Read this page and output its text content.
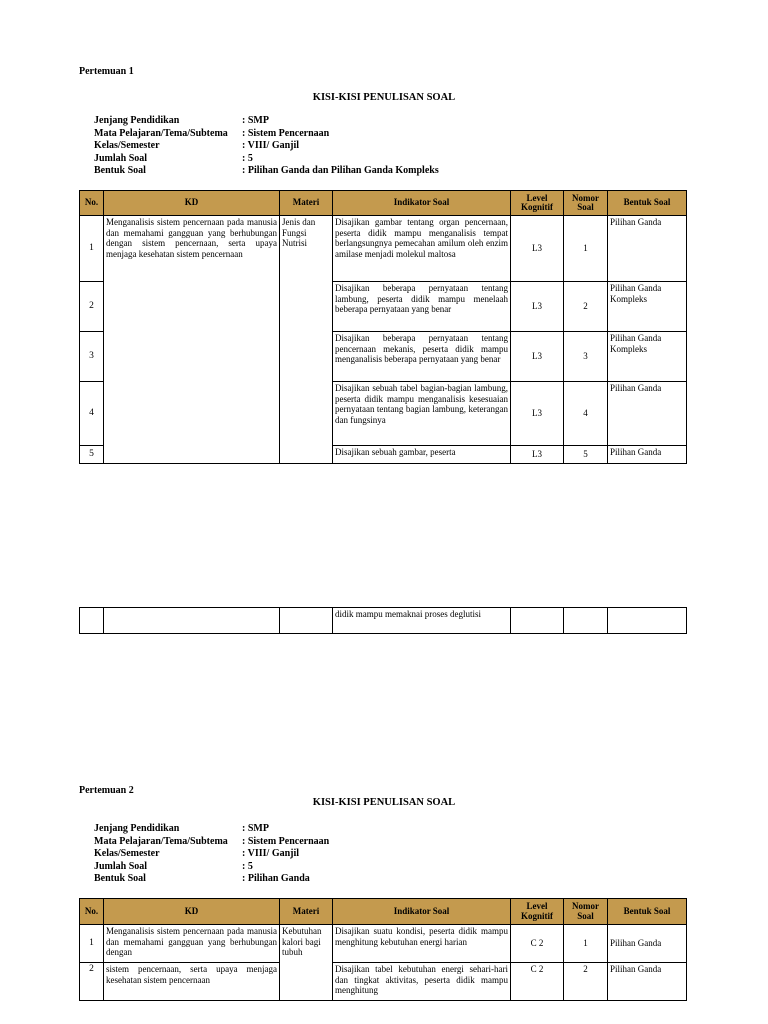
Pertemuan 1
KISI-KISI PENULISAN SOAL
Jenjang Pendidikan	: SMP
Mata Pelajaran/Tema/Subtema	: Sistem Pencernaan
Kelas/Semester	: VIII/ Ganjil
Jumlah Soal	: 5
Bentuk Soal	: Pilihan Ganda dan Pilihan Ganda Kompleks
No.	KD	Materi	Indikator Soal	Level Kognitif	Nomor Soal	Bentuk Soal
1	Menganalisis sistem pencernaan pada manusia dan memahami gangguan yang berhubungan dengan sistem pencernaan, serta upaya menjaga kesehatan sistem pencernaan	Jenis dan Fungsi Nutrisi	Disajikan gambar tentang organ pencernaan, peserta didik mampu menganalisis tempat berlangsungnya pemecahan amilum oleh enzim amilase menjadi molekul maltosa	L3	1	Pilihan Ganda
2			Disajikan beberapa pernyataan tentang lambung, peserta didik mampu menelaah beberapa pernyataan yang benar	L3	2	Pilihan Ganda Kompleks
3			Disajikan beberapa pernyataan tentang pencernaan mekanis, peserta didik mampu menganalisis beberapa pernyataan yang benar	L3	3	Pilihan Ganda Kompleks
4			Disajikan sebuah tabel bagian-bagian lambung, peserta didik mampu menganalisis kesesuaian pernyataan tentang bagian lambung, keterangan dan fungsinya	L3	4	Pilihan Ganda
5			Disajikan sebuah gambar, peserta	L3	5	Pilihan Ganda
			didik mampu memaknai proses deglutisi			
Pertemuan 2
KISI-KISI PENULISAN SOAL
Jenjang Pendidikan	: SMP
Mata Pelajaran/Tema/Subtema	: Sistem Pencernaan
Kelas/Semester	: VIII/ Ganjil
Jumlah Soal	: 5
Bentuk Soal	: Pilihan Ganda
No.	KD	Materi	Indikator Soal	Level Kognitif	Nomor Soal	Bentuk Soal
1	Menganalisis sistem pencernaan pada manusia dan memahami gangguan yang berhubungan dengan	Kebutuhan kalori bagi tubuh	Disajikan suatu kondisi, peserta didik mampu menghitung kebutuhan energi harian	C 2	1	Pilihan Ganda
2	sistem pencernaan, serta upaya menjaga kesehatan sistem pencernaan		Disajikan tabel kebutuhan energi sehari-hari dan tingkat aktivitas, peserta didik mampu menghitung	C 2	2	Pilihan Ganda
